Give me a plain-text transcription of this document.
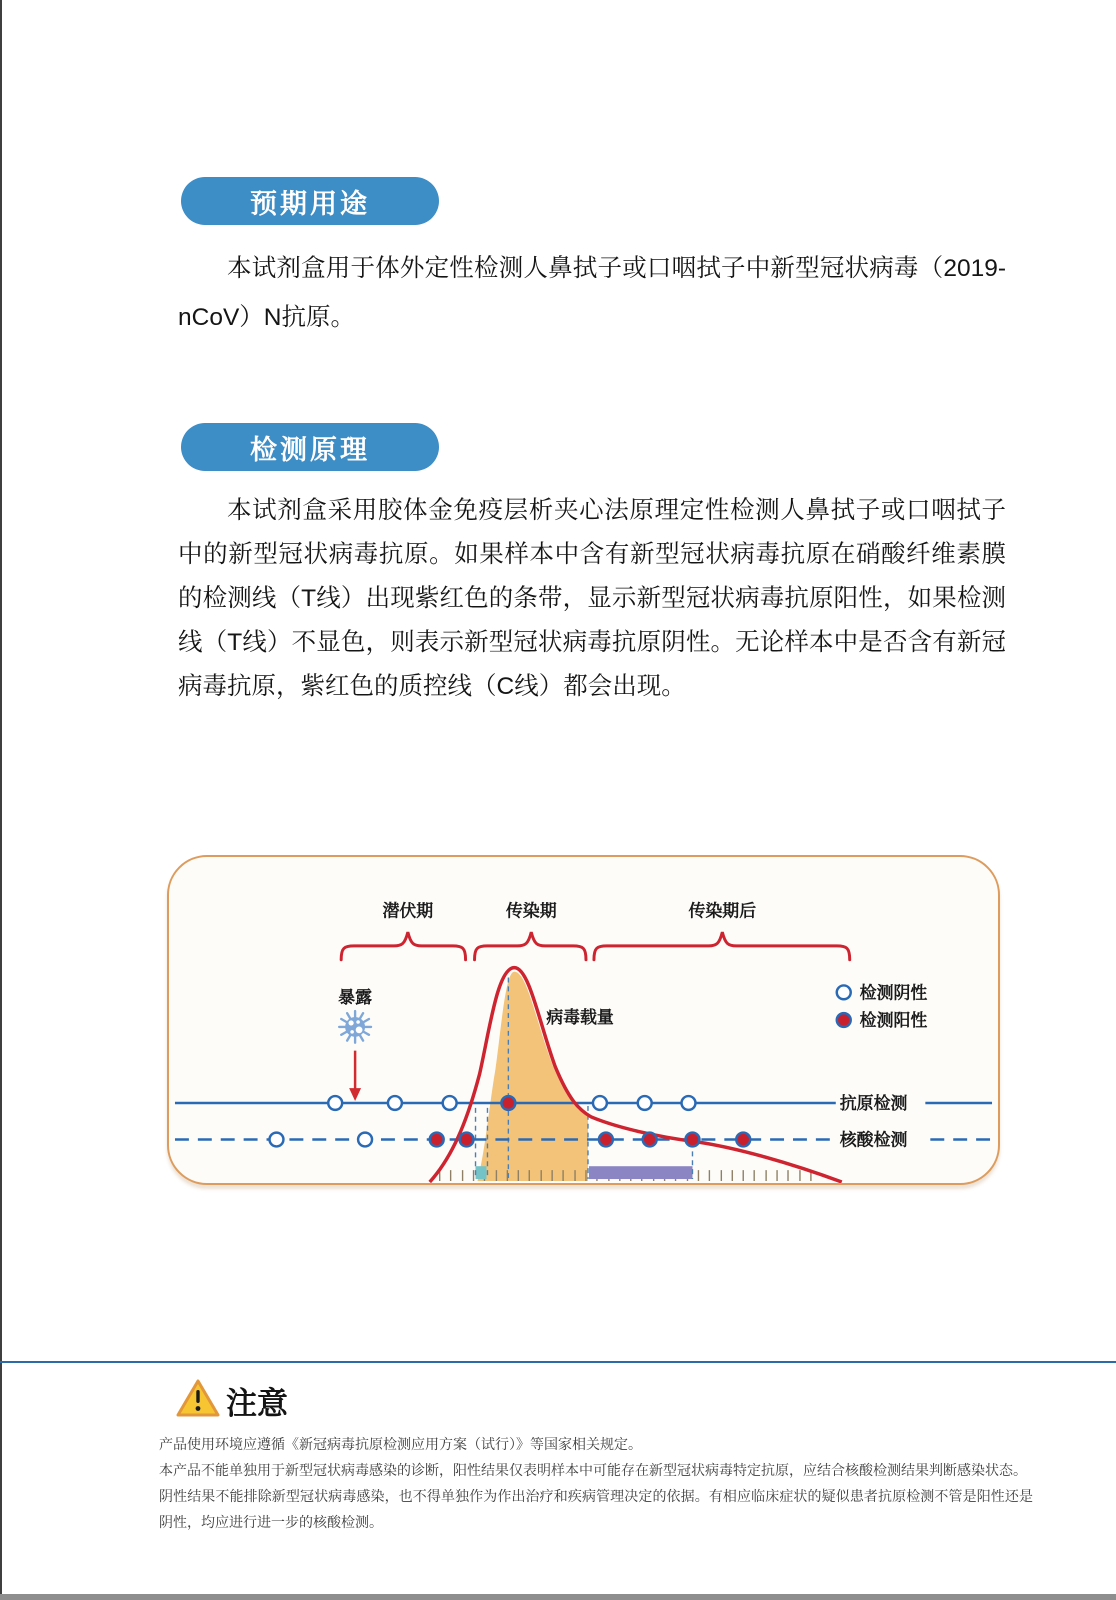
预期用途
本试剂盒用于体外定性检测人鼻拭子或口咽拭子中新型冠状病毒（2019-nCoV）N抗原。
检测原理
本试剂盒采用胶体金免疫层析夹心法原理定性检测人鼻拭子或口咽拭子中的新型冠状病毒抗原。如果样本中含有新型冠状病毒抗原在硝酸纤维素膜的检测线（T线）出现紫红色的条带，显示新型冠状病毒抗原阳性，如果检测线（T线）不显色，则表示新型冠状病毒抗原阴性。无论样本中是否含有新冠病毒抗原，紫红色的质控线（C线）都会出现。
抗原检测
核酸检测
病毒载量
潜伏期	传染期	传染期后
暴露	检测阴性
检测阳性
注意

产品使用环境应遵循《新冠病毒抗原检测应用方案（试行）》等国家相关规定。

本产品不能单独用于新型冠状病毒感染的诊断，阳性结果仅表明样本中可能存在新型冠状病毒特定抗原，应结合核酸检测结果判断感染状态。

阴性结果不能排除新型冠状病毒感染，也不得单独作为作出治疗和疾病管理决定的依据。有相应临床症状的疑似患者抗原检测不管是阳性还是阴性，均应进行进一步的核酸检测。
